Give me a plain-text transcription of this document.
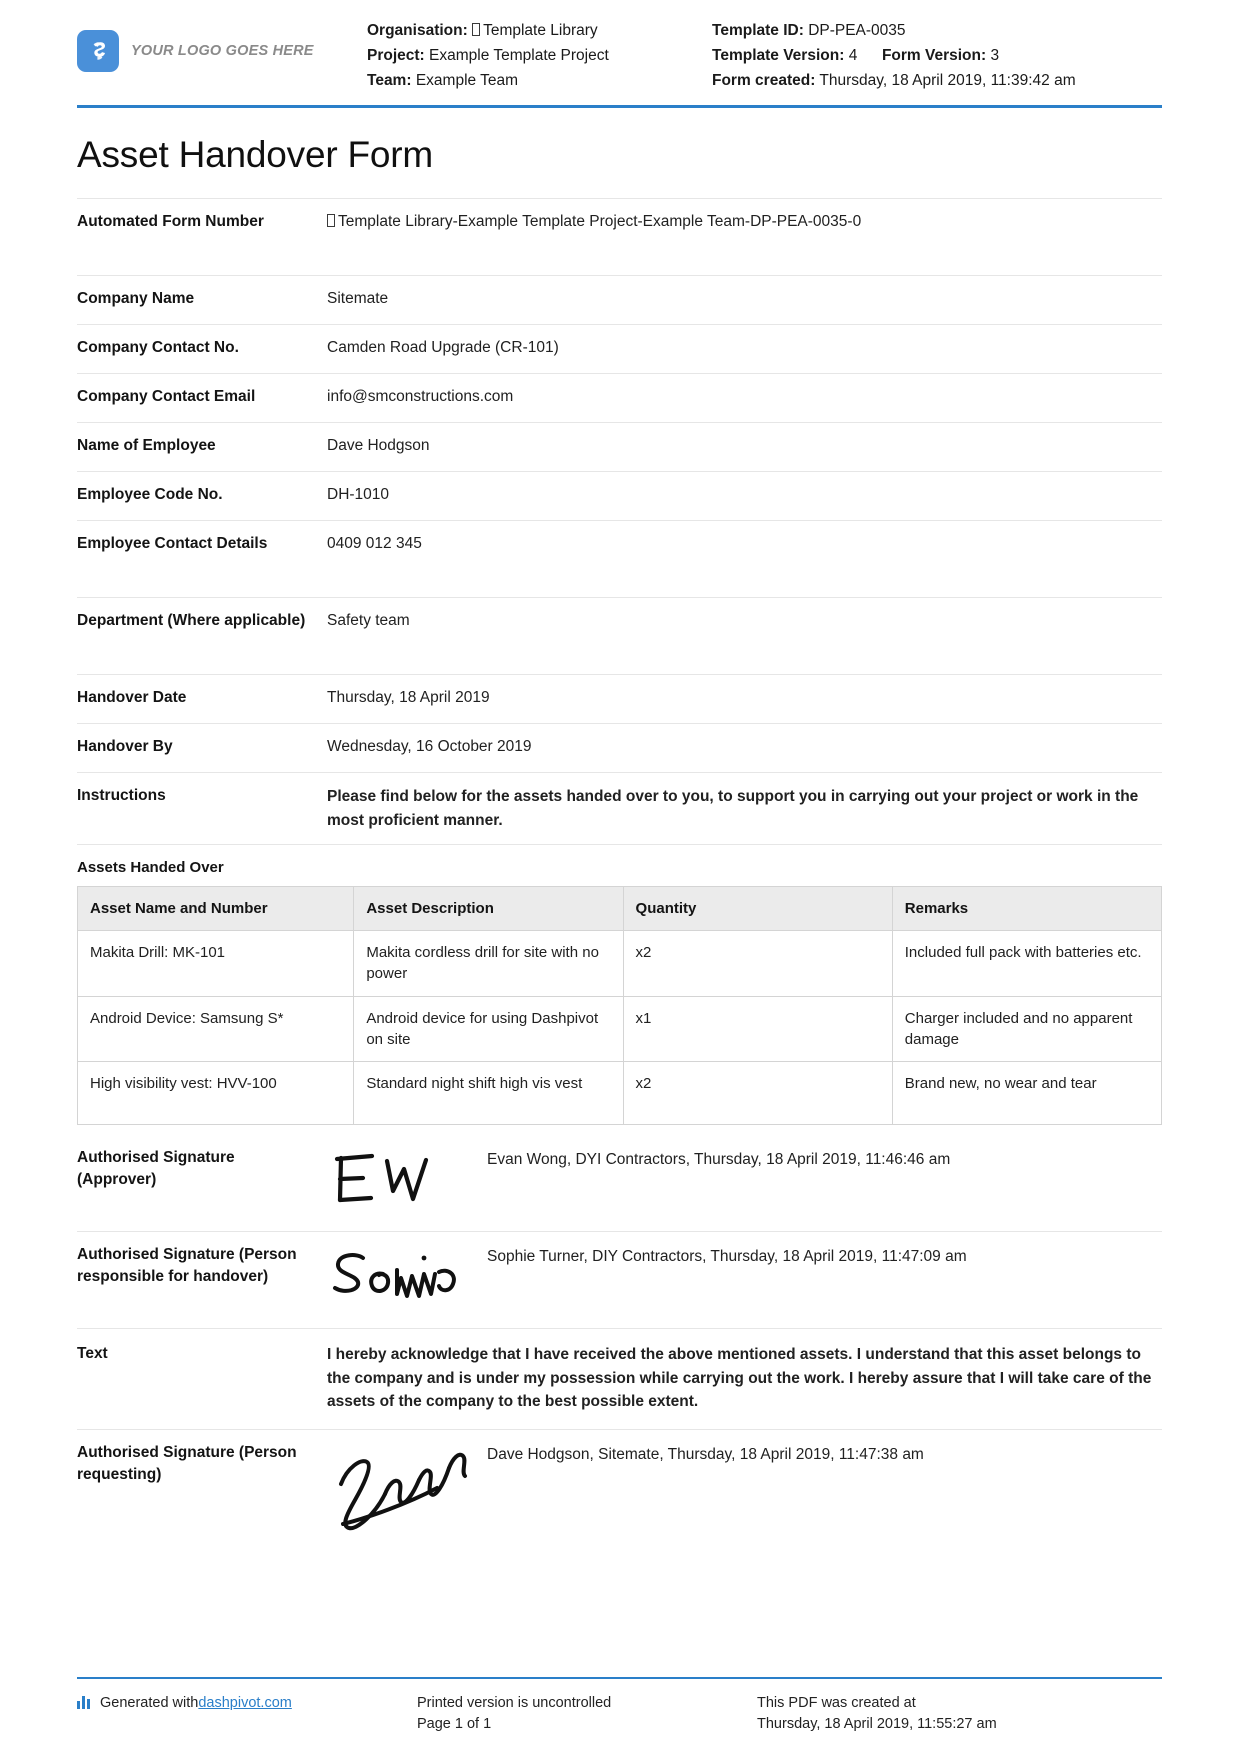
YOUR LOGO GOES HERE
Organisation: Template Library
Project: Example Template Project
Team: Example Team
Template ID: DP-PEA-0035
Template Version: 4 Form Version: 3
Form created: Thursday, 18 April 2019, 11:39:42 am
Asset Handover Form
Automated Form Number	Template Library-Example Template Project-Example Team-DP-PEA-0035-0
Company Name	Sitemate
Company Contact No.	Camden Road Upgrade (CR-101)
Company Contact Email	info@smconstructions.com
Name of Employee	Dave Hodgson
Employee Code No.	DH-1010
Employee Contact Details	0409 012 345
Department (Where applicable)	Safety team
Handover Date	Thursday, 18 April 2019
Handover By	Wednesday, 16 October 2019
Instructions	Please find below for the assets handed over to you, to support you in carrying out your project or work in the most proficient manner.
Assets Handed Over
Asset Name and Number	Asset Description	Quantity	Remarks
Makita Drill: MK-101	Makita cordless drill for site with no power	x2	Included full pack with batteries etc.
Android Device: Samsung S*	Android device for using Dashpivot on site	x1	Charger included and no apparent damage
High visibility vest: HVV-100	Standard night shift high vis vest	x2	Brand new, no wear and tear
Authorised Signature (Approver)
Evan Wong, DYI Contractors, Thursday, 18 April 2019, 11:46:46 am
Authorised Signature (Person responsible for handover)
Sophie Turner, DIY Contractors, Thursday, 18 April 2019, 11:47:09 am
Text	I hereby acknowledge that I have received the above mentioned assets. I understand that this asset belongs to the company and is under my possession while carrying out the work. I hereby assure that I will take care of the assets of the company to the best possible extent.
Authorised Signature (Person requesting)
Dave Hodgson, Sitemate, Thursday, 18 April 2019, 11:47:38 am
Generated with dashpivot.com	Printed version is uncontrolled
Page 1 of 1
This PDF was created at
Thursday, 18 April 2019, 11:55:27 am
